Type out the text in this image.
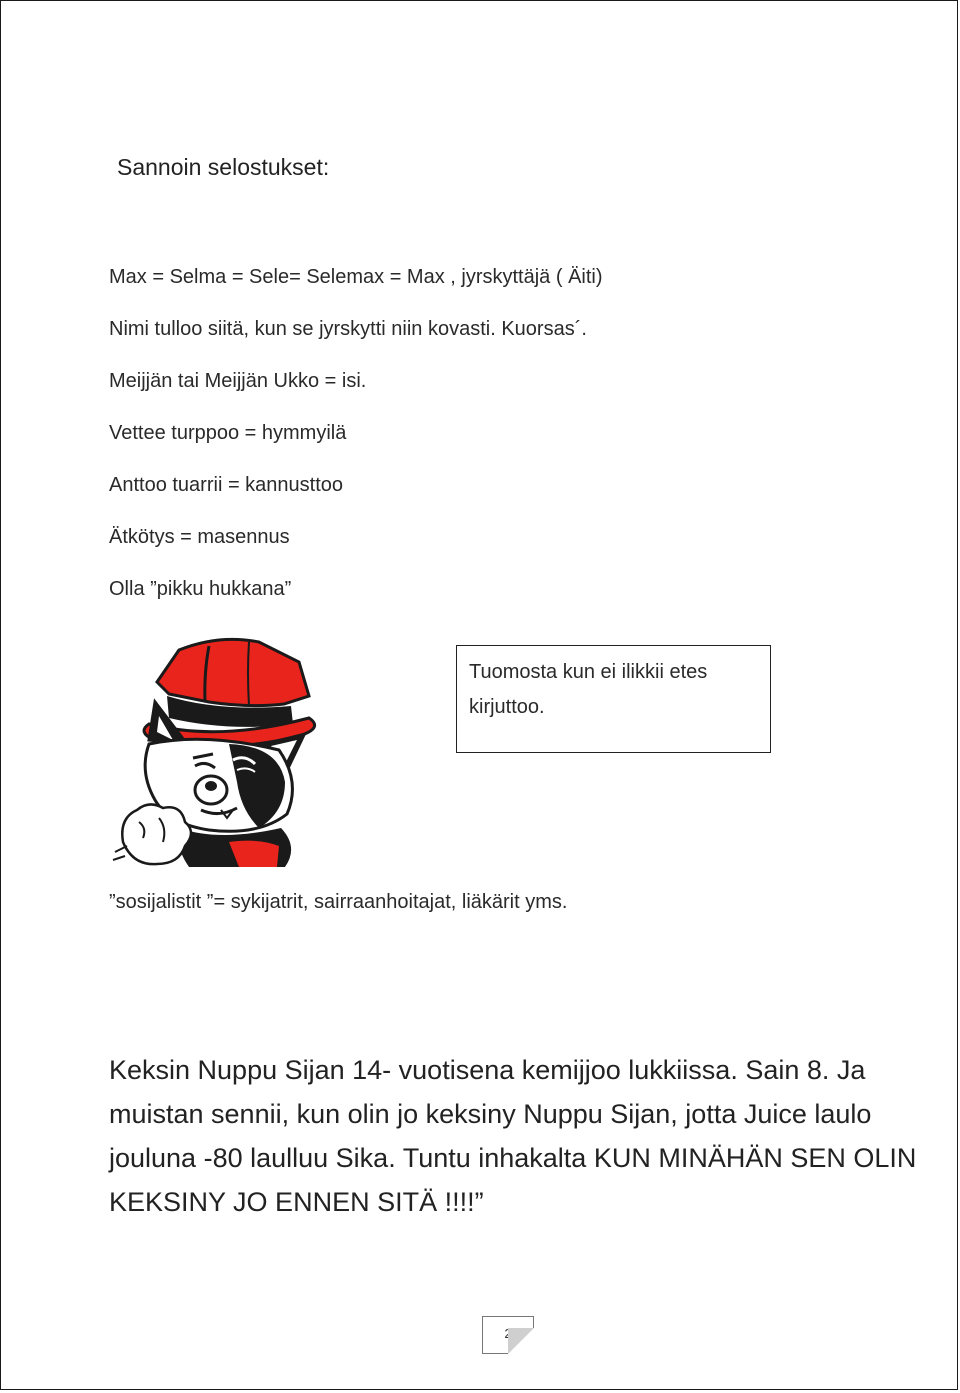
Sannoin selostukset:
Max = Selma = Sele= Selemax = Max , jyrskyttäjä ( Äiti)
Nimi tulloo siitä, kun se jyrskytti niin kovasti. Kuorsas´.
Meijjän tai Meijjän Ukko = isi.
Vettee turppoo = hymmyilä
Anttoo tuarrii = kannusttoo
Ätkötys = masennus
Olla ”pikku hukkana”
Tuomosta kun ei ilikkii etes kirjuttoo.
”sosijalistit ”= sykijatrit, sairraanhoitajat, liäkärit yms.
Keksin Nuppu Sijan 14- vuotisena kemijjoo lukkiissa. Sain 8. Ja muistan sennii, kun olin jo keksiny Nuppu Sijan, jotta Juice laulo jouluna -80 laulluu Sika. Tuntu inhakalta KUN MINÄHÄN SEN OLIN KEKSINY JO ENNEN SITÄ !!!!”
2
